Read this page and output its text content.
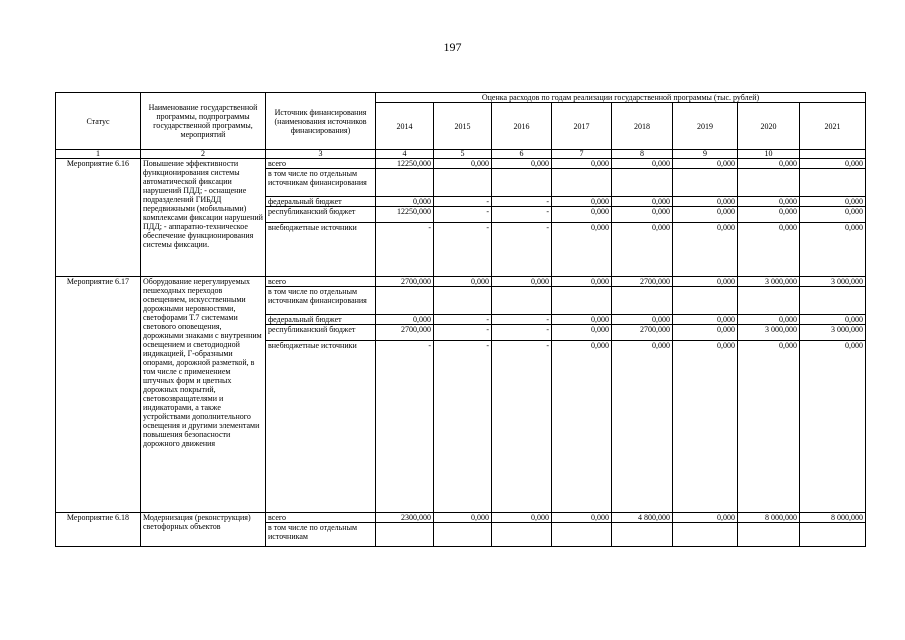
197
Статус	Наименование государственной программы, подпрограммы государственной программы, мероприятий	Источник финансирования (наименования источников финансирования)	Оценка расходов по годам реализации государственной программы (тыс. рублей)							
			2014	2015	2016	2017	2018	2019	2020	2021
1	2	3	4	5	6	7	8	9	10	
Мероприятие 6.16	Повышение эффективности функционирования системы автоматической фиксации нарушений ПДД; - оснащение подразделений ГИБДД передвижными (мобильными) комплексами фиксации нарушений ПДД; - аппаратно-техническое обеспечение функционирования системы фиксации.	всего	12250,000	0,000	0,000	0,000	0,000	0,000	0,000	0,000
		в том числе по отдельным источникам финансирования								
		федеральный бюджет	0,000	-	-	0,000	0,000	0,000	0,000	0,000
		республиканский бюджет	12250,000	-	-	0,000	0,000	0,000	0,000	0,000
		внебюджетные источники	-	-	-	0,000	0,000	0,000	0,000	0,000
Мероприятие 6.17	Оборудование нерегулируемых пешеходных переходов освещением, искусственными дорожными неровностями, светофорами Т.7 системами светового оповещения, дорожными знаками с внутренним освещением и светодиодной индикацией, Г-образными опорами, дорожной разметкой, в том числе с применением штучных форм и цветных дорожных покрытий, световозвращателями и индикаторами, а также устройствами дополнительного освещения и другими элементами повышения безопасности дорожного движения	всего	2700,000	0,000	0,000	0,000	2700,000	0,000	3 000,000	3 000,000
		в том числе по отдельным источникам финансирования								
		федеральный бюджет	0,000	-	-	0,000	0,000	0,000	0,000	0,000
		республиканский бюджет	2700,000	-	-	0,000	2700,000	0,000	3 000,000	3 000,000
		внебюджетные источники	-	-	-	0,000	0,000	0,000	0,000	0,000
Мероприятие 6.18	Модернизация (реконструкция) светофорных объектов	всего	2300,000	0,000	0,000	0,000	4 800,000	0,000	8 000,000	8 000,000
		в том числе по отдельным источникам								
